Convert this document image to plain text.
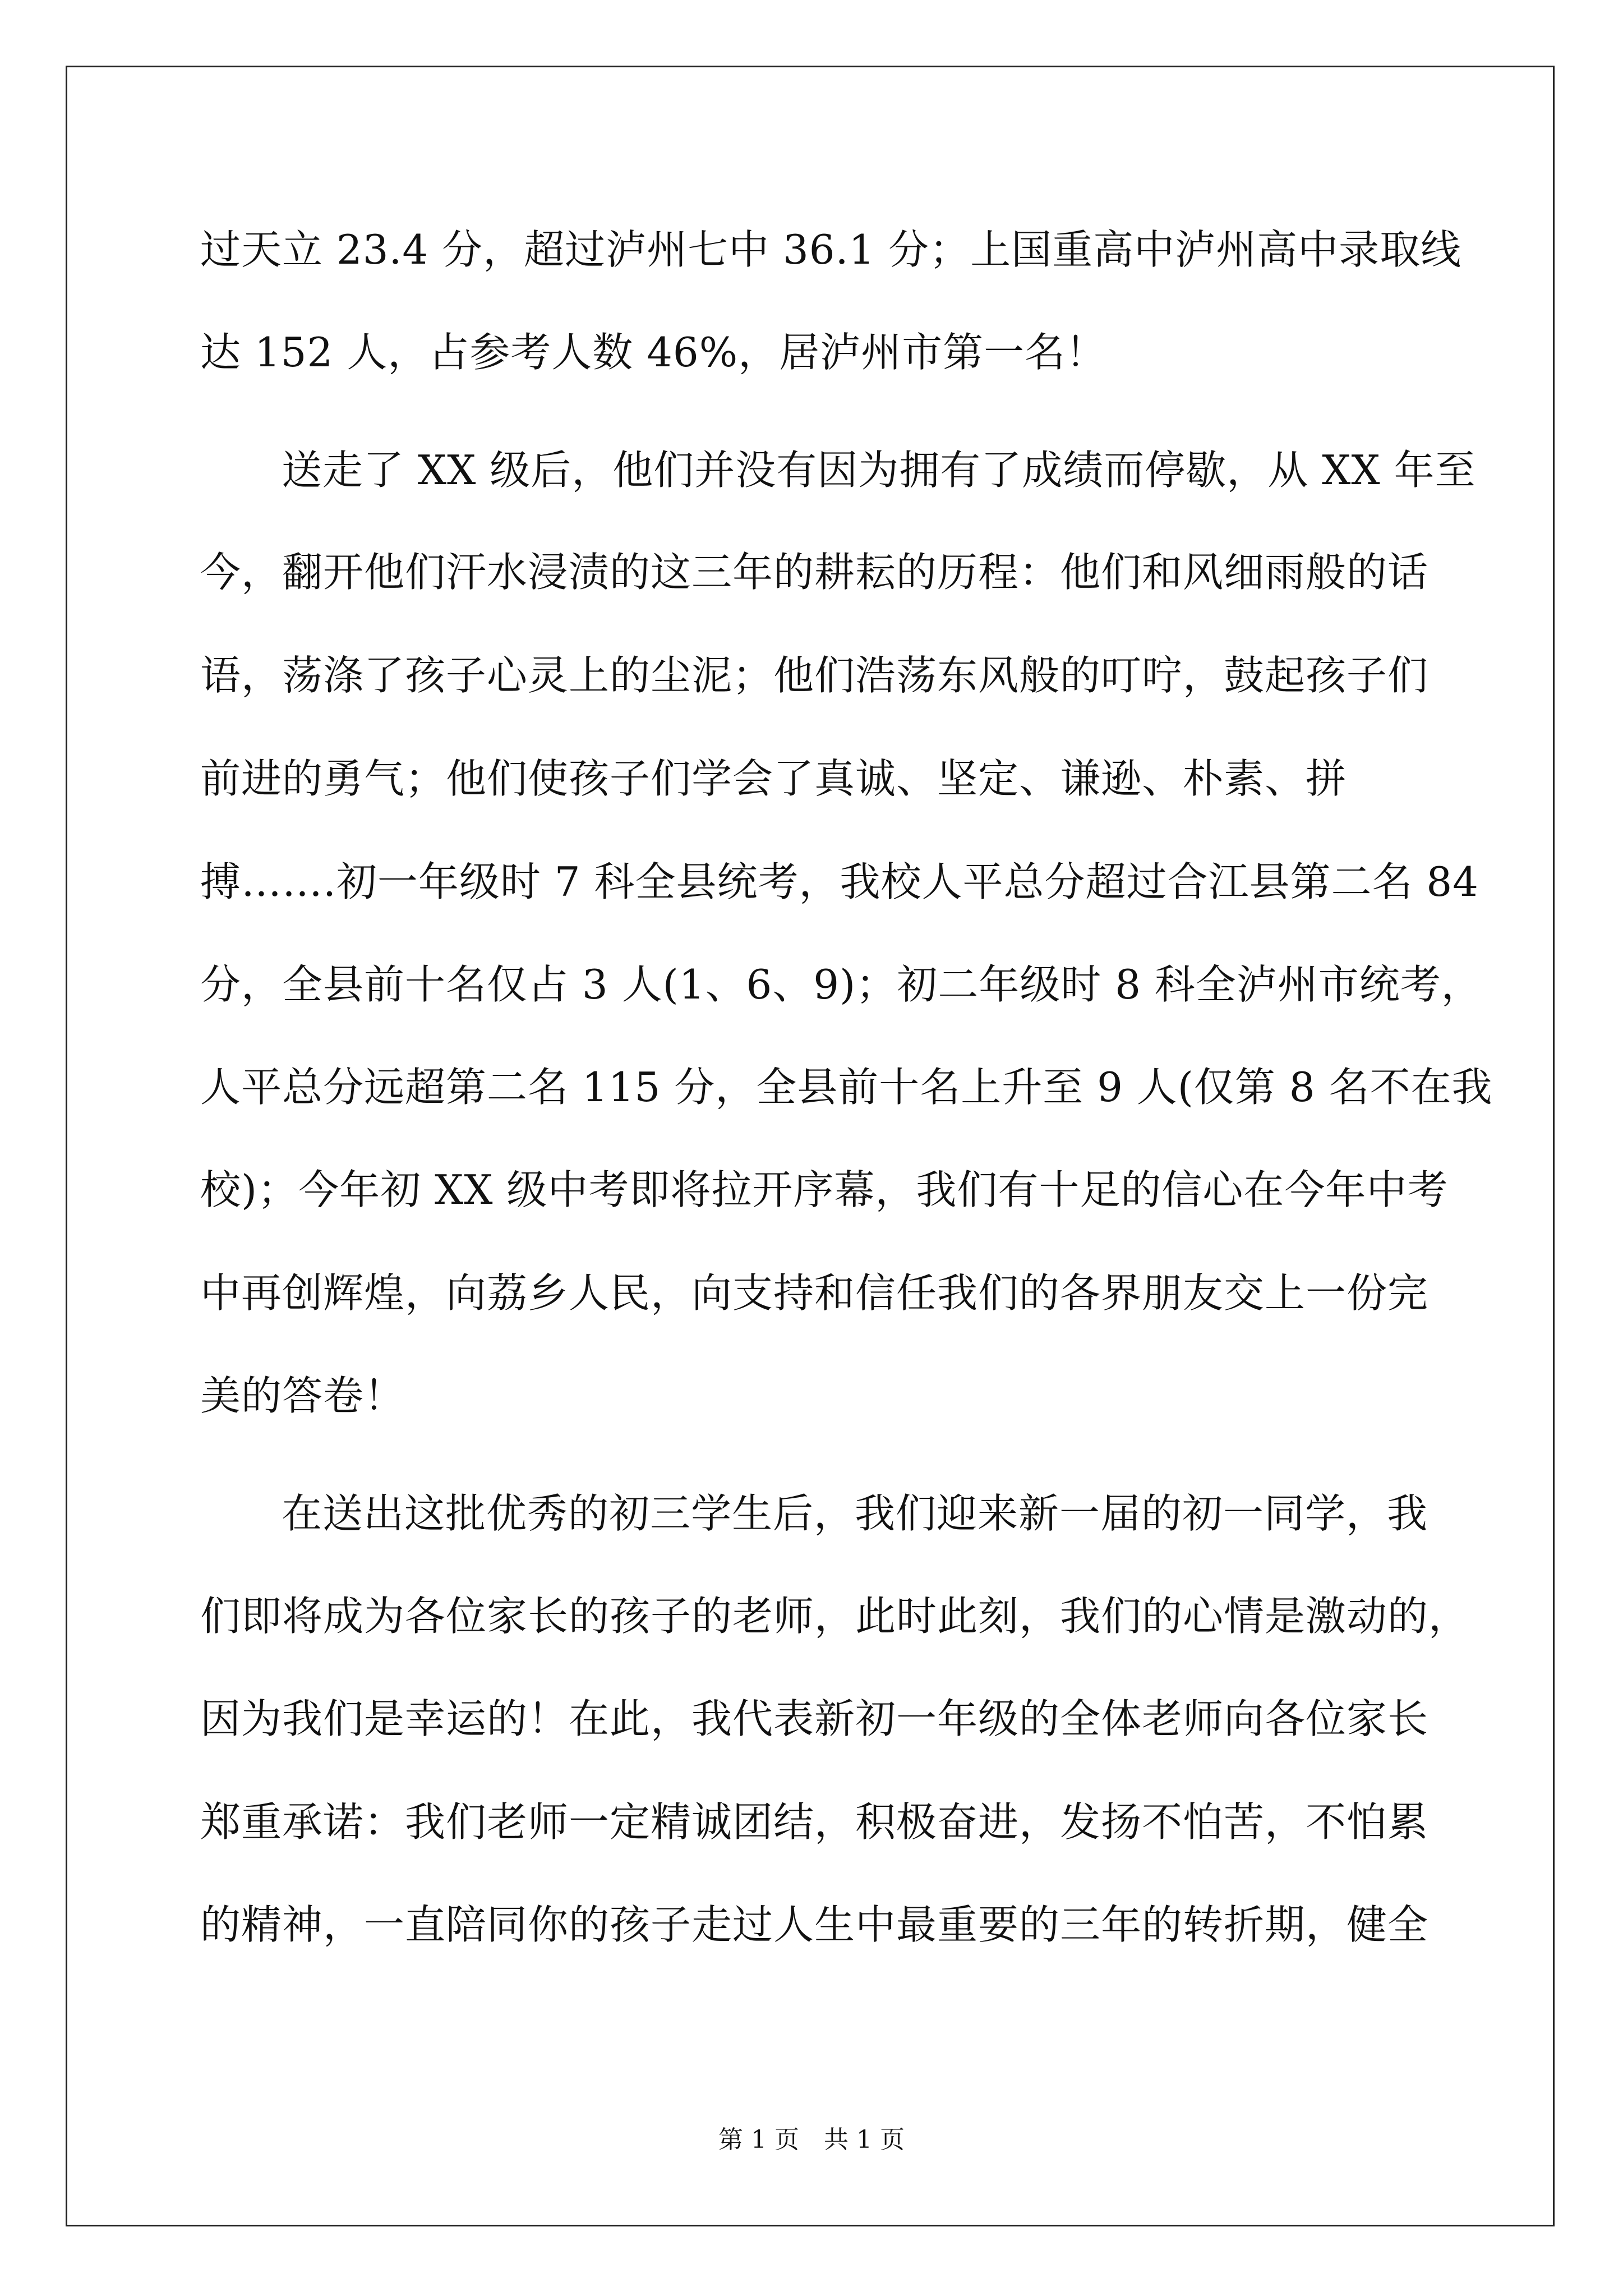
过天立 23.4 分，超过泸州七中 36.1 分；上国重高中泸州高中录取线
达 152 人，占参考人数 46%，居泸州市第一名！
送走了 XX 级后，他们并没有因为拥有了成绩而停歇，从 XX 年至
今，翻开他们汗水浸渍的这三年的耕耘的历程：他们和风细雨般的话
语，荡涤了孩子心灵上的尘泥；他们浩荡东风般的叮咛，鼓起孩子们
前进的勇气；他们使孩子们学会了真诚、坚定、谦逊、朴素、拼
搏…….初一年级时 7 科全县统考，我校人平总分超过合江县第二名 84
分，全县前十名仅占 3 人(1、6、9)；初二年级时 8 科全泸州市统考，
人平总分远超第二名 115 分，全县前十名上升至 9 人(仅第 8 名不在我
校)；今年初 XX 级中考即将拉开序幕，我们有十足的信心在今年中考
中再创辉煌，向荔乡人民，向支持和信任我们的各界朋友交上一份完
美的答卷！
在送出这批优秀的初三学生后，我们迎来新一届的初一同学，我
们即将成为各位家长的孩子的老师，此时此刻，我们的心情是激动的，
因为我们是幸运的！在此，我代表新初一年级的全体老师向各位家长
郑重承诺：我们老师一定精诚团结，积极奋进，发扬不怕苦，不怕累
的精神，一直陪同你的孩子走过人生中最重要的三年的转折期，健全
第 1 页　共 1 页
